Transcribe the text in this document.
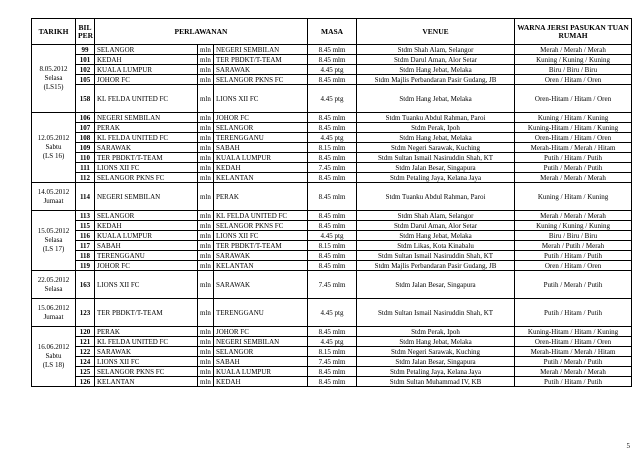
TARIKH	BIL PER	PERLAWANAN			MASA	VENUE	WARNA JERSI PASUKAN TUAN RUMAH

8.05.2012
Selasa
(LS15)	99	SELANGOR	mln	NEGERI SEMBILAN	8.45 mlm	Stdm Shah Alam, Selangor	Merah / Merah / Merah
	101	KEDAH	mln	TER PBDKT/T-TEAM	8.45 mlm	Stdm Darul Aman, Alor Setar	Kuning / Kuning / Kuning
	102	KUALA LUMPUR	mln	SARAWAK	4.45 ptg	Stdm Hang Jebat, Melaka	Biru / Biru / Biru
	105	JOHOR FC	mln	SELANGOR PKNS FC	8.45 mlm	Stdm Majlis Perbandaran Pasir Gudang, JB	Oren / Hitam / Oren
	158	KL FELDA UNITED FC	mln	LIONS XII FC	4.45 ptg	Stdm Hang Jebat, Melaka	Oren-Hitam / Hitam / Oren

12.05.2012
Sabtu
(LS 16)	106	NEGERI SEMBILAN	mln	JOHOR FC	8.45 mlm	Stdm Tuanku Abdul Rahman, Paroi	Kuning / Hitam / Kuning
	107	PERAK	mln	SELANGOR	8.45 mlm	Stdm Perak, Ipoh	Kuning-Hitam / Hitam / Kuning
	108	KL FELDA UNITED FC	mln	TERENGGANU	4.45 ptg	Stdm Hang Jebat, Melaka	Oren-Hitam / Hitam / Oren
	109	SARAWAK	mln	SABAH	8.15 mlm	Stdm Negeri Sarawak, Kuching	Merah-Hitam / Merah / Hitam
	110	TER PBDKT/T-TEAM	mln	KUALA LUMPUR	8.45 mlm	Stdm Sultan Ismail Nasiruddin Shah, KT	Putih / Hitam / Putih
	111	LIONS XII FC	mln	KEDAH	7.45 mlm	Stdm Jalan Besar, Singapura	Putih / Merah / Putih
	112	SELANGOR PKNS FC	mln	KELANTAN	8.45 mlm	Stdm Petaling Jaya, Kelana Jaya	Merah / Merah / Merah

14.05.2012
Jumaat	114	NEGERI SEMBILAN	mln	PERAK	8.45 mlm	Stdm Tuanku Abdul Rahman, Paroi	Kuning / Hitam / Kuning

15.05.2012
Selasa
(LS 17)	113	SELANGOR	mln	KL FELDA UNITED FC	8.45 mlm	Stdm Shah Alam, Selangor	Merah / Merah / Merah
	115	KEDAH	mln	SELANGOR PKNS FC	8.45 mlm	Stdm Darul Aman, Alor Setar	Kuning / Kuning / Kuning
	116	KUALA LUMPUR	mln	LIONS XII FC	4.45 ptg	Stdm Hang Jebat, Melaka	Biru / Biru / Biru
	117	SABAH	mln	TER PBDKT/T-TEAM	8.15 mlm	Stdm Likas, Kota Kinabalu	Merah / Putih / Merah
	118	TERENGGANU	mln	SARAWAK	8.45 mlm	Stdm Sultan Ismail Nasiruddin Shah, KT	Putih / Hitam / Putih
	119	JOHOR FC	mln	KELANTAN	8.45 mlm	Stdm Majlis Perbandaran Pasir Gudang, JB	Oren / Hitam / Oren

22.05.2012
Selasa	163	LIONS XII FC	mln	SARAWAK	7.45 mlm	Stdm Jalan Besar, Singapura	Putih / Merah / Putih

15.06.2012
Jumaat	123	TER PBDKT/T-TEAM	mln	TERENGGANU	4.45 ptg	Stdm Sultan Ismail Nasiruddin Shah, KT	Putih / Hitam / Putih

16.06.2012
Sabtu
(LS 18)	120	PERAK	mln	JOHOR FC	8.45 mlm	Stdm Perak, Ipoh	Kuning-Hitam / Hitam / Kuning
	121	KL FELDA UNITED FC	mln	NEGERI SEMBILAN	4.45 ptg	Stdm Hang Jebat, Melaka	Oren-Hitam / Hitam / Oren
	122	SARAWAK	mln	SELANGOR	8.15 mlm	Stdm Negeri Sarawak, Kuching	Merah-Hitam / Merah / Hitam
	124	LIONS XII FC	mln	SABAH	7.45 mlm	Stdm Jalan Besar, Singapura	Putih / Merah / Putih
	125	SELANGOR PKNS FC	mln	KUALA LUMPUR	8.45 mlm	Stdm Petaling Jaya, Kelana Jaya	Merah / Merah / Merah
	126	KELANTAN	mln	KEDAH	8.45 mlm	Stdm Sultan Muhammad IV, KB	Putih / Hitam / Putih
5
